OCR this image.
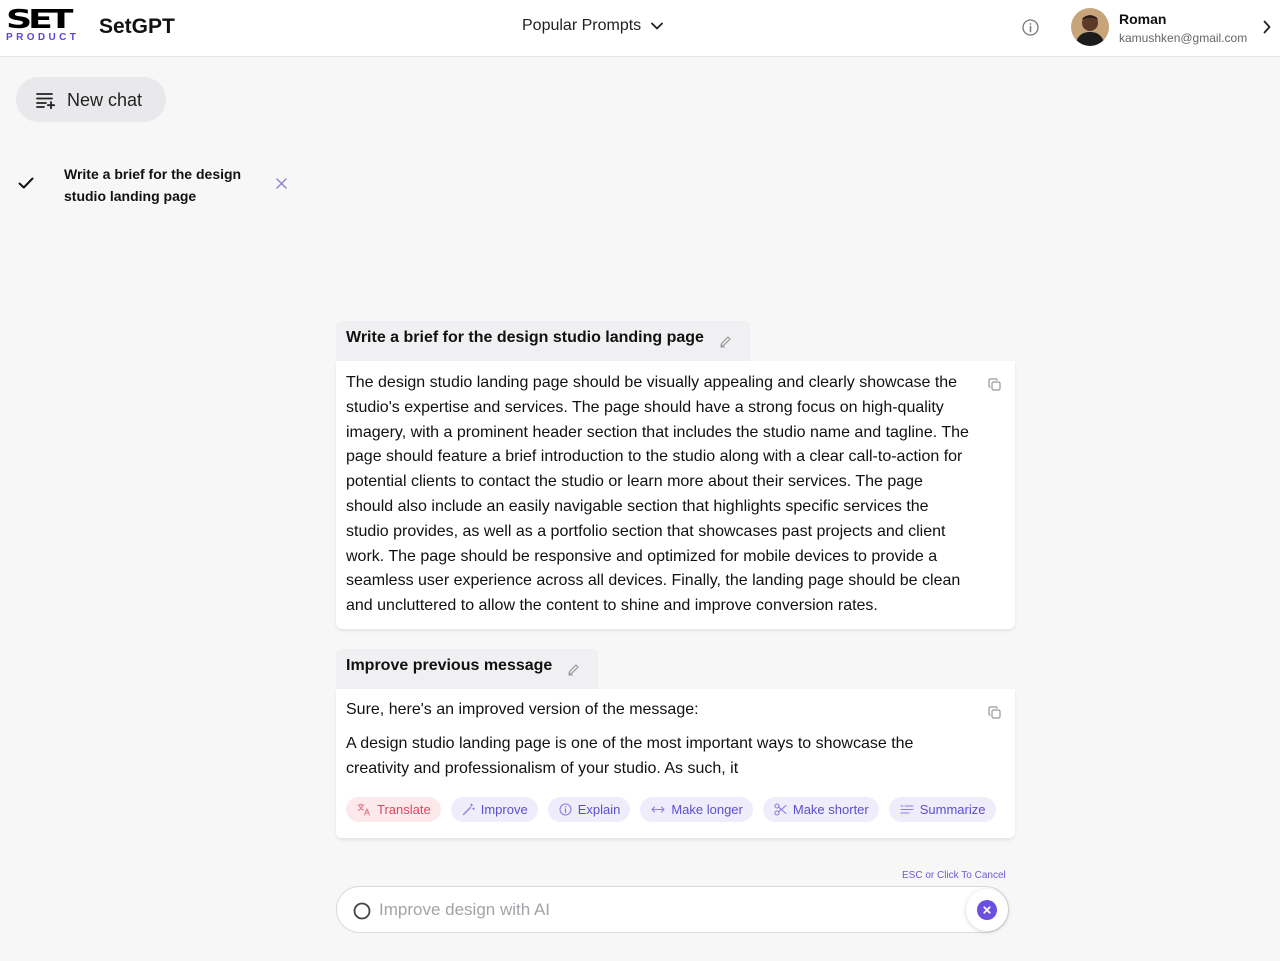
SET
PRODUCT SetGPT	Popular Prompts	Roman
kamushken@gmail.com
New chat
Write a brief for the design studio landing page
Write a brief for the design studio landing page

The design studio landing page should be visually appealing and clearly showcase the studio's expertise and services. The page should have a strong focus on high-quality imagery, with a prominent header section that includes the studio name and tagline. The page should feature a brief introduction to the studio along with a clear call-to-action for potential clients to contact the studio or learn more about their services. The page should also include an easily navigable section that highlights specific services the studio provides, as well as a portfolio section that showcases past projects and client work. The page should be responsive and optimized for mobile devices to provide a seamless user experience across all devices. Finally, the landing page should be clean and uncluttered to allow the content to shine and improve conversion rates.

Improve previous message

Sure, here's an improved version of the message:

A design studio landing page is one of the most important ways to showcase the creativity and professionalism of your studio. As such, it

Translate	Improve	Explain	Make longer	Make shorter	Summarize
ESC or Click To Cancel
Improve design with AI
